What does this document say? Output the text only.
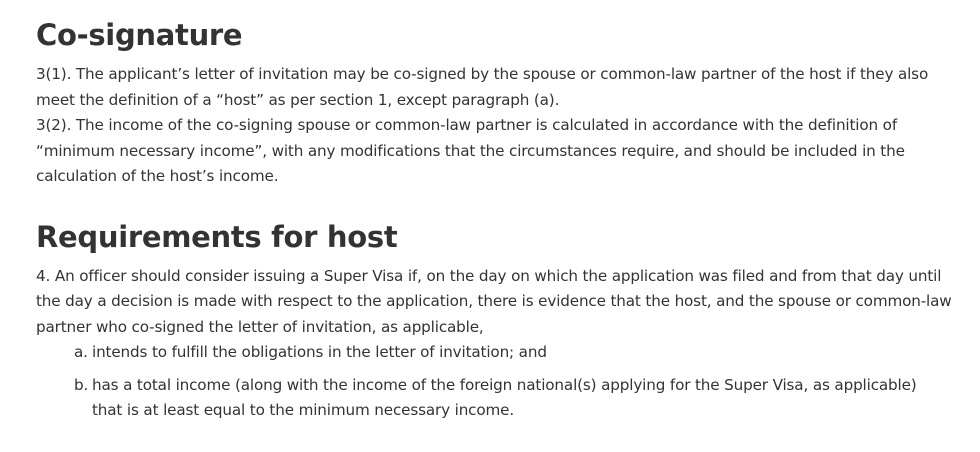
Co-signature

3(1). The applicant’s letter of invitation may be co-signed by the spouse or common-law partner of the host if they also meet the definition of a “host” as per section 1, except paragraph (a).

3(2). The income of the co-signing spouse or common-law partner is calculated in accordance with the definition of “minimum necessary income”, with any modifications that the circumstances require, and should be included in the calculation of the host’s income.

Requirements for host

4. An officer should consider issuing a Super Visa if, on the day on which the application was filed and from that day until the day a decision is made with respect to the application, there is evidence that the host, and the spouse or common-law partner who co-signed the letter of invitation, as applicable,

a. intends to fulfill the obligations in the letter of invitation; and
b. has a total income (along with the income of the foreign national(s) applying for the Super Visa, as applicable) that is at least equal to the minimum necessary income.
